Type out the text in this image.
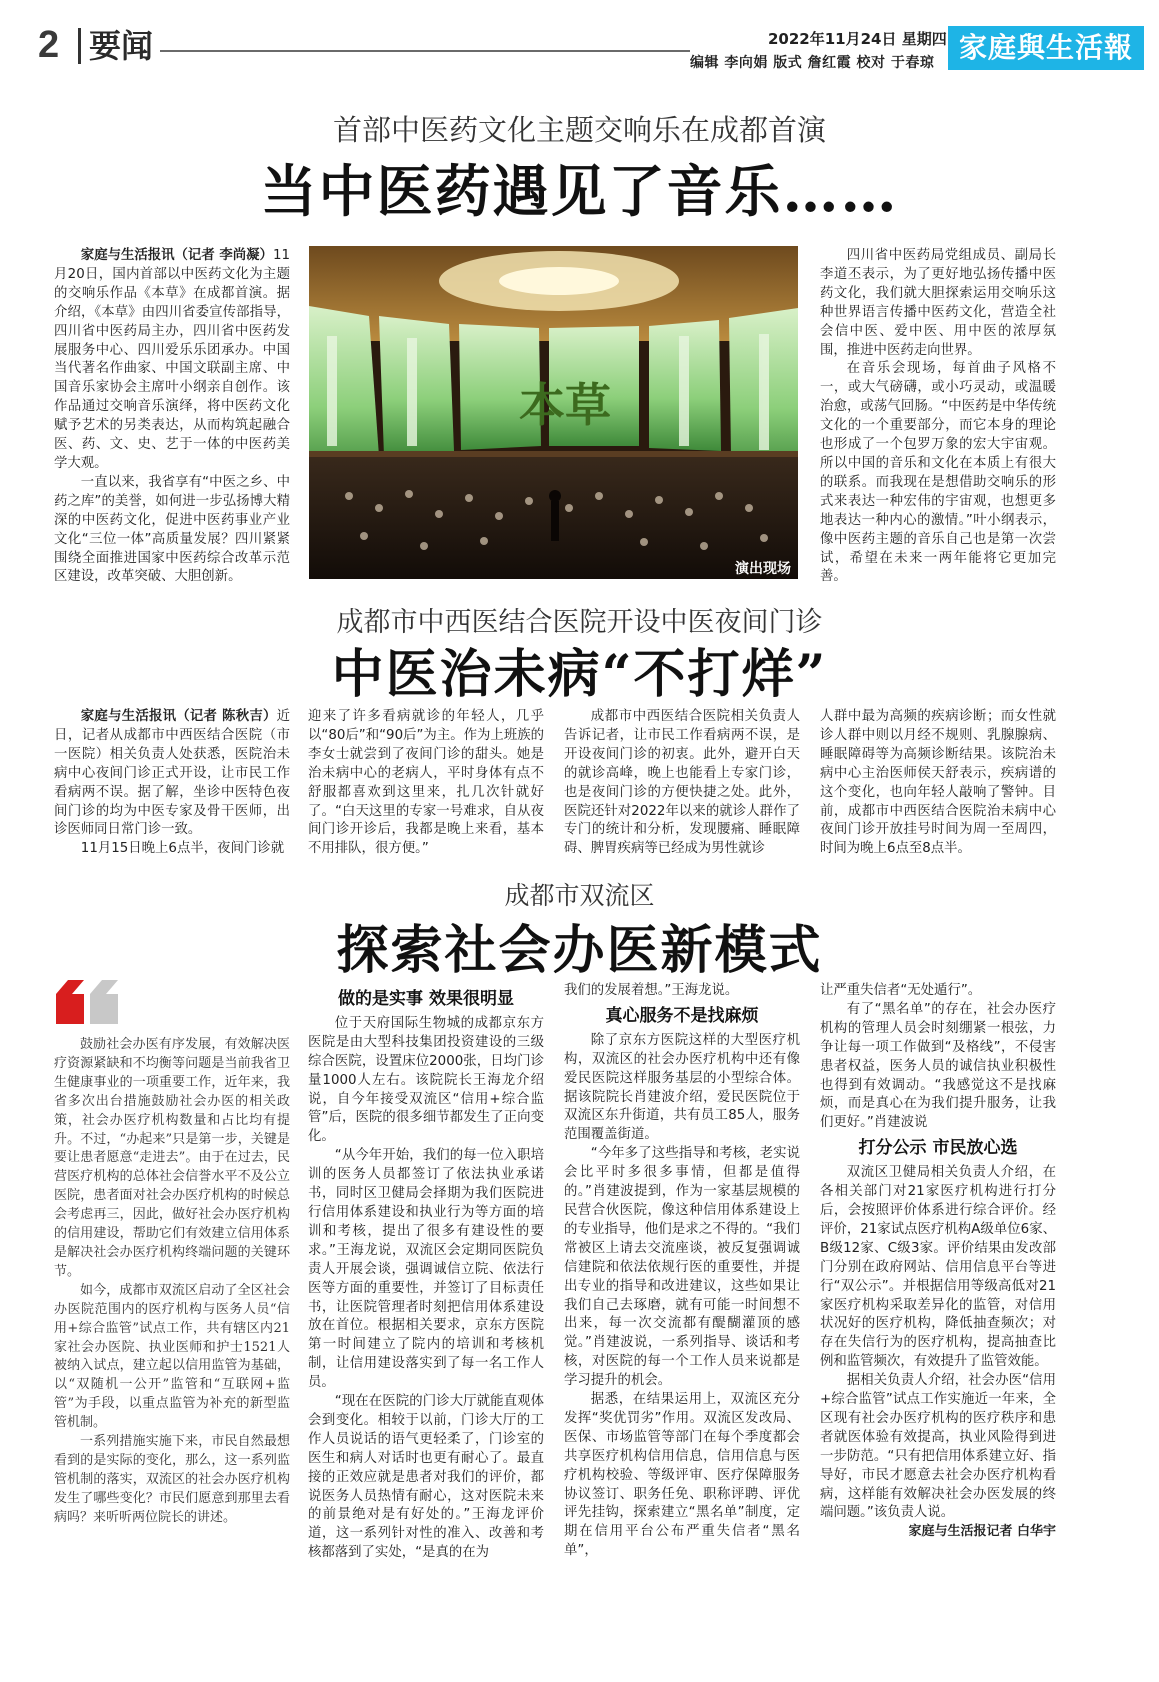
2 要闻	2022年11月24日 星期四
编辑 李向娟 版式 詹红霞 校对 于春琼 家庭與生活報
首部中医药文化主题交响乐在成都首演
当中医药遇见了音乐……

家庭与生活报讯（记者 李尚凝）11月20日，国内首部以中医药文化为主题的交响乐作品《本草》在成都首演。据介绍，《本草》由四川省委宣传部指导，四川省中医药局主办，四川省中医药发展服务中心、四川爱乐乐团承办。中国当代著名作曲家、中国文联副主席、中国音乐家协会主席叶小纲亲自创作。该作品通过交响音乐演绎，将中医药文化赋予艺术的另类表达，从而构筑起融合医、药、文、史、艺于一体的中医药美学大观。

一直以来，我省享有“中医之乡、中药之库”的美誉，如何进一步弘扬博大精深的中医药文化，促进中医药事业产业文化“三位一体”高质量发展？四川紧紧围绕全面推进国家中医药综合改革示范区建设，改革突破、大胆创新。

本草
演出现场

四川省中医药局党组成员、副局长李道丕表示，为了更好地弘扬传播中医药文化，我们就大胆探索运用交响乐这种世界语言传播中医药文化，营造全社会信中医、爱中医、用中医的浓厚氛围，推进中医药走向世界。

在音乐会现场，每首曲子风格不一，或大气磅礴，或小巧灵动，或温暖治愈，或荡气回肠。“中医药是中华传统文化的一个重要部分，而它本身的理论也形成了一个包罗万象的宏大宇宙观。所以中国的音乐和文化在本质上有很大的联系。而我现在是想借助交响乐的形式来表达一种宏伟的宇宙观，也想更多地表达一种内心的激情。”叶小纲表示，像中医药主题的音乐自己也是第一次尝试，希望在未来一两年能将它更加完善。

成都市中西医结合医院开设中医夜间门诊
中医治未病“不打烊”

家庭与生活报讯（记者 陈秋吉）近日，记者从成都市中西医结合医院（市一医院）相关负责人处获悉，医院治未病中心夜间门诊正式开设，让市民工作看病两不误。据了解，坐诊中医特色夜间门诊的均为中医专家及骨干医师，出诊医师同日常门诊一致。

11月15日晚上6点半，夜间门诊就

迎来了许多看病就诊的年轻人，几乎以“80后”和“90后”为主。作为上班族的李女士就尝到了夜间门诊的甜头。她是治未病中心的老病人，平时身体有点不舒服都喜欢到这里来，扎几次针就好了。“白天这里的专家一号难求，自从夜间门诊开诊后，我都是晚上来看，基本不用排队，很方便。”

成都市中西医结合医院相关负责人告诉记者，让市民工作看病两不误，是开设夜间门诊的初衷。此外，避开白天的就诊高峰，晚上也能看上专家门诊，也是夜间门诊的方便快捷之处。此外，医院还针对2022年以来的就诊人群作了专门的统计和分析，发现腰痛、睡眠障碍、脾胃疾病等已经成为男性就诊

人群中最为高频的疾病诊断；而女性就诊人群中则以月经不规则、乳腺腺病、睡眠障碍等为高频诊断结果。该院治未病中心主治医师侯天舒表示，疾病谱的这个变化，也向年轻人敲响了警钟。目前，成都市中西医结合医院治未病中心夜间门诊开放挂号时间为周一至周四，时间为晚上6点至8点半。

成都市双流区
探索社会办医新模式

鼓励社会办医有序发展，有效解决医疗资源紧缺和不均衡等问题是当前我省卫生健康事业的一项重要工作，近年来，我省多次出台措施鼓励社会办医的相关政策，社会办医疗机构数量和占比均有提升。不过，“办起来”只是第一步，关键是要让患者愿意“走进去”。由于在过去，民营医疗机构的总体社会信誉水平不及公立医院，患者面对社会办医疗机构的时候总会考虑再三，因此，做好社会办医疗机构的信用建设，帮助它们有效建立信用体系是解决社会办医疗机构终端问题的关键环节。

如今，成都市双流区启动了全区社会办医院范围内的医疗机构与医务人员“信用+综合监管”试点工作，共有辖区内21家社会办医院、执业医师和护士1521人被纳入试点，建立起以信用监管为基础，以“双随机一公开”监管和“互联网+监管”为手段，以重点监管为补充的新型监管机制。

一系列措施实施下来，市民自然最想看到的是实际的变化，那么，这一系列监管机制的落实，双流区的社会办医疗机构发生了哪些变化？市民们愿意到那里去看病吗？来听听两位院长的讲述。

做的是实事 效果很明显

位于天府国际生物城的成都京东方医院是由大型科技集团投资建设的三级综合医院，设置床位2000张，日均门诊量1000人左右。该院院长王海龙介绍说，自今年接受双流区“信用+综合监管”后，医院的很多细节都发生了正向变化。

“从今年开始，我们的每一位入职培训的医务人员都签订了依法执业承诺书，同时区卫健局会择期为我们医院进行信用体系建设和执业行为等方面的培训和考核，提出了很多有建设性的要求。”王海龙说，双流区会定期同医院负责人开展会谈，强调诚信立院、依法行医等方面的重要性，并签订了目标责任书，让医院管理者时刻把信用体系建设放在首位。根据相关要求，京东方医院第一时间建立了院内的培训和考核机制，让信用建设落实到了每一名工作人员。

“现在在医院的门诊大厅就能直观体会到变化。相较于以前，门诊大厅的工作人员说话的语气更轻柔了，门诊室的医生和病人对话时也更有耐心了。最直接的正效应就是患者对我们的评价，都说医务人员热情有耐心，这对医院未来的前景绝对是有好处的。”王海龙评价道，这一系列针对性的准入、改善和考核都落到了实处，“是真的在为

我们的发展着想。”王海龙说。

真心服务不是找麻烦

除了京东方医院这样的大型医疗机构，双流区的社会办医疗机构中还有像爱民医院这样服务基层的小型综合体。据该院院长肖建波介绍，爱民医院位于双流区东升街道，共有员工85人，服务范围覆盖街道。

“今年多了这些指导和考核，老实说会比平时多很多事情，但都是值得的。”肖建波提到，作为一家基层规模的民营合伙医院，像这种信用体系建设上的专业指导，他们是求之不得的。“我们常被区上请去交流座谈，被反复强调诚信建院和依法依规行医的重要性，并提出专业的指导和改进建议，这些如果让我们自己去琢磨，就有可能一时间想不出来，每一次交流都有醍醐灌顶的感觉。”肖建波说，一系列指导、谈话和考核，对医院的每一个工作人员来说都是学习提升的机会。

据悉，在结果运用上，双流区充分发挥“奖优罚劣”作用。双流区发改局、医保、市场监管等部门在每个季度都会共享医疗机构信用信息，信用信息与医疗机构校验、等级评审、医疗保障服务协议签订、职务任免、职称评聘、评优评先挂钩，探索建立“黑名单”制度，定期在信用平台公布严重失信者“黑名单”，

让严重失信者“无处遁行”。

有了“黑名单”的存在，社会办医疗机构的管理人员会时刻绷紧一根弦，力争让每一项工作做到“及格线”，不侵害患者权益，医务人员的诚信执业积极性也得到有效调动。“我感觉这不是找麻烦，而是真心在为我们提升服务，让我们更好。”肖建波说

打分公示 市民放心选

双流区卫健局相关负责人介绍，在各相关部门对21家医疗机构进行打分后，会按照评价体系进行综合评价。经评价，21家试点医疗机构A级单位6家、B级12家、C级3家。评价结果由发改部门分别在政府网站、信用信息平台等进行“双公示”。并根据信用等级高低对21家医疗机构采取差异化的监管，对信用状况好的医疗机构，降低抽查频次；对存在失信行为的医疗机构，提高抽查比例和监管频次，有效提升了监管效能。

据相关负责人介绍，社会办医“信用+综合监管”试点工作实施近一年来，全区现有社会办医疗机构的医疗秩序和患者就医体验有效提高，执业风险得到进一步防范。“只有把信用体系建立好、指导好，市民才愿意去社会办医疗机构看病，这样能有效解决社会办医发展的终端问题。”该负责人说。

家庭与生活报记者 白华宇
